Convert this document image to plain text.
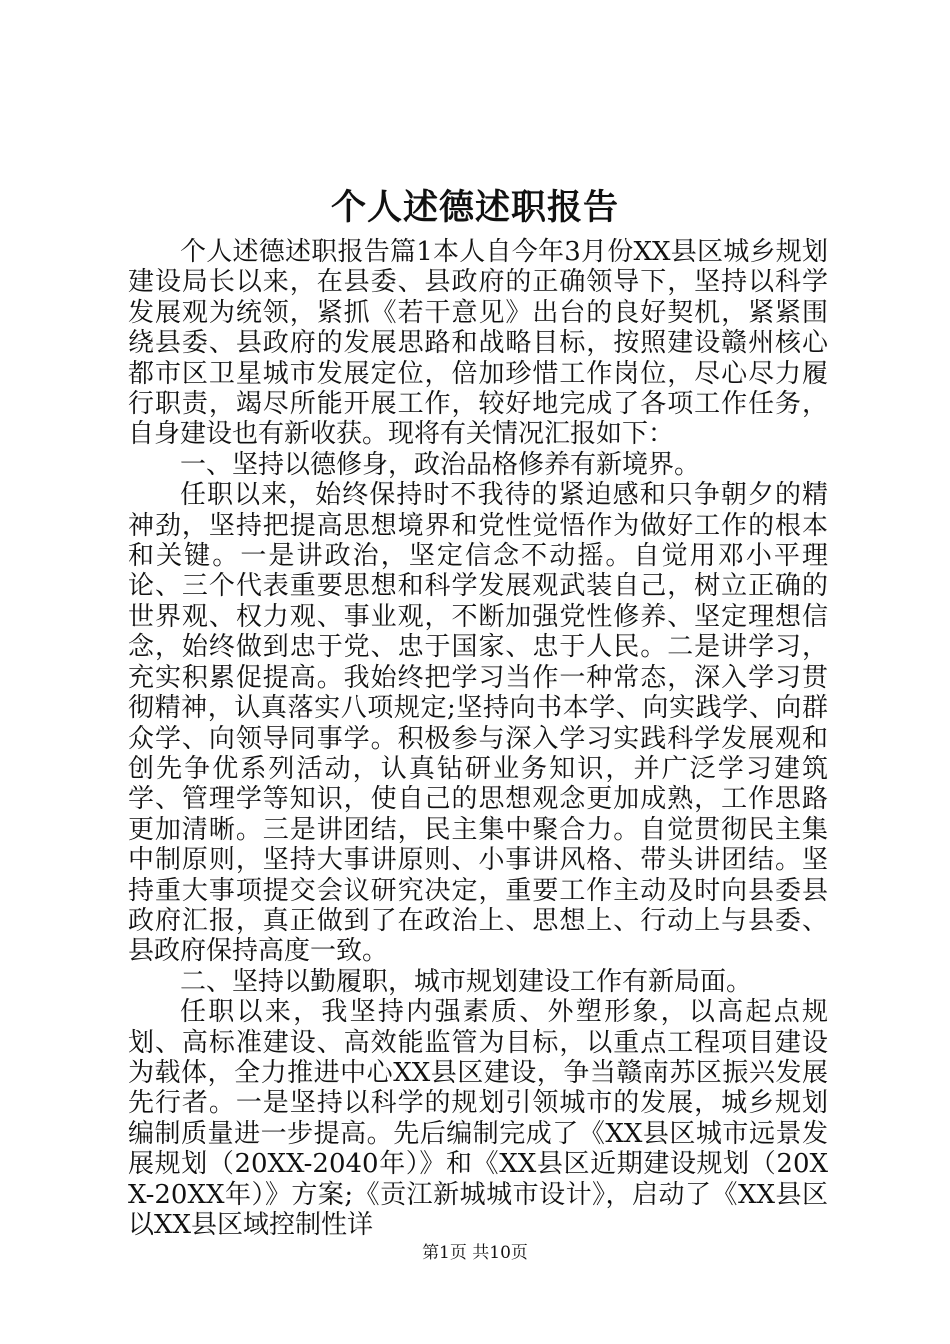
个人述德述职报告

个人述德述职报告篇1本人自今年3月份XX县区城乡规划建设局长以来，在县委、县政府的正确领导下，坚持以科学发展观为统领，紧抓《若干意见》出台的良好契机，紧紧围绕县委、县政府的发展思路和战略目标，按照建设赣州核心都市区卫星城市发展定位，倍加珍惜工作岗位，尽心尽力履行职责，竭尽所能开展工作，较好地完成了各项工作任务，自身建设也有新收获。现将有关情况汇报如下：

一、坚持以德修身，政治品格修养有新境界。

任职以来，始终保持时不我待的紧迫感和只争朝夕的精神劲，坚持把提高思想境界和党性觉悟作为做好工作的根本和关键。一是讲政治，坚定信念不动摇。自觉用邓小平理论、三个代表重要思想和科学发展观武装自己，树立正确的世界观、权力观、事业观，不断加强党性修养、坚定理想信念，始终做到忠于党、忠于国家、忠于人民。二是讲学习，充实积累促提高。我始终把学习当作一种常态，深入学习贯彻精神，认真落实八项规定;坚持向书本学、向实践学、向群众学、向领导同事学。积极参与深入学习实践科学发展观和创先争优系列活动，认真钻研业务知识，并广泛学习建筑学、管理学等知识，使自己的思想观念更加成熟，工作思路更加清晰。三是讲团结，民主集中聚合力。自觉贯彻民主集中制原则，坚持大事讲原则、小事讲风格、带头讲团结。坚持重大事项提交会议研究决定，重要工作主动及时向县委县政府汇报，真正做到了在政治上、思想上、行动上与县委、县政府保持高度一致。

二、坚持以勤履职，城市规划建设工作有新局面。

任职以来，我坚持内强素质、外塑形象，以高起点规划、高标准建设、高效能监管为目标，以重点工程项目建设为载体，全力推进中心XX县区建设，争当赣南苏区振兴发展先行者。一是坚持以科学的规划引领城市的发展，城乡规划编制质量进一步提高。先后编制完成了《XX县区城市远景发展规划（20XX-2040年）》和《XX县区近期建设规划（20XX-20XX年）》方案;《贡江新城城市设计》，启动了《XX县区以XX县区域控制性详

第1页 共10页
